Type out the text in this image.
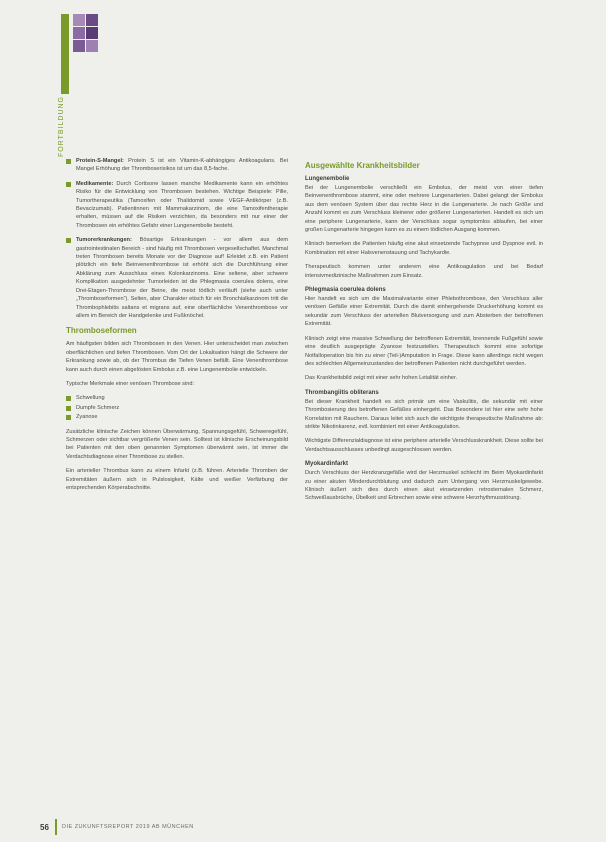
FORTBILDUNG
Protein-S-Mangel: Protein S ist ein Vitamin-K-abhängiges Antikoagulans. Bei Mangel Erhöhung der Thromboserisikos ist um das 8,5-fache.
Medikamente: Durch Cortisone lassen manche Medikamente kann ein erhöhtes Risiko für die Entwicklung von Thrombosen bestehen. Wichtige Beispiele: Pille, Tumortherapeutika (Tamoxifen oder Thalidomid sowie VEGF-Antikörper (z.B. Bevacizumab). Patientinnen mit Mammakarzinom, die eine Tamoxifentherapie erhalten, müssen auf die Risiken verzichten, da besonders mit nur einer der Thrombosen ein erhöhtes Gefahr einer Lungenembolie besteht.
Tumorerkrankungen: Bösartige Erkrankungen - vor allem aus dem gastrointestinalen Bereich - sind häufig mit Thrombosen vergesellschaftet. Manchmal treten Thrombosen bereits Monate vor der Diagnose auf! Erleidet z.B. ein Patient plötzlich ein tiefe Beinvenenthrombose ist erhöht sich die Durchführung einer Abklärung zum Ausschluss eines Kolonkarzinoms. Eine seltene, aber schwere Komplikation ausgedehnter Tumorleiden ist die Phlegmasia coerulea dolens, eine Drei-Etagen-Thrombose der Beine, die meist tödlich verläuft (siehe auch unter „Thromboseformen“). Selten, aber Charakter etisch für ein Bronchialkarzinom tritt die Thrombophlebitis saltans et migrans auf, eine oberflächliche Venenthrombose vor allem im Bereich der Handgelenke und Fußknöchel.
Thromboseformen

Am häufigsten bilden sich Thrombosen in den Venen. Hier unterscheidet man zwischen oberflächlichen und tiefen Thrombosen. Vom Ort der Lokalisation hängt die Schwere der Erkrankung sowie ab, ob der Thrombus die Tiefen Venen befällt. Eine Venenthrombose kann auch durch einen abgelösten Embolus z.B. eine Lungenembolie entwickeln.

Typische Merkmale einer venösen Thrombose sind:

Schwellung
Dumpfe Schmerz
Zyanose

Zusätzliche klinische Zeichen können Überwärmung, Spannungsgefühl, Schweregefühl, Schmerzen oder sichtbar vergrößerte Venen sein. Solltest ist klinische Erscheinungsbild bei Patienten mit den oben genannten Symptomen überwärmt sein, ist immer die Verdachtsdiagnose einer Thrombose zu stellen.

Ein arterieller Thrombus kann zu einem Infarkt (z.B. führen. Arterielle Thromben der Extremitäten äußern sich in Pulslosigkeit, Kälte und weißer Verfärbung der entsprechenden Körperabschnitte.

Ausgewählte Krankheitsbilder
Lungenembolie

Bei der Lungenembolie verschließt ein Embolus, der meist von einer tiefen Beinvenenthrombose stammt, eine oder mehrere Lungenarterien. Dabei gelangt der Embolus aus dem venösen System über das rechte Herz in die Lungenarterie. Je nach Größe und Anzahl kommt es zum Verschluss kleinerer oder größerer Lungenarterien. Handelt es sich um eine periphere Lungenarterie, kann der Verschluss sogar symptomlos ablaufen, bei einer großen Lungenarterie hingegen kann es zu einem tödlichen Ausgang kommen.

Klinisch bemerken die Patienten häufig eine akut einsetzende Tachypnoe und Dyspnoe evtl. in Kombination mit einer Halsvenenstauung und Tachykardie.

Therapeutisch kommen unter anderem eine Antikoagulation und bei Bedarf intensivmedizinische Maßnahmen zum Einsatz.

Phlegmasia coerulea dolens

Hier handelt es sich um die Maximalvariante einer Phlebothrombose, den Verschluss aller venösen Gefäße einer Extremität. Durch die damit einhergehende Druckerhöhung kommt es sekundär zum Verschluss der arteriellen Blutversorgung und zum Absterben der betroffenen Extremität.

Klinisch zeigt eine massive Schwellung der betroffenen Extremität, brennende Fußgefühl sowie eine deutlich ausgeprägte Zyanose festzustellen. Therapeutisch kommt eine sofortige Notfalloperation bis hin zu einer (Teil-)Amputation in Frage. Diese kann allerdings nicht wegen des schlechten Allgemeinzustandes der betroffenen Patienten nicht durchgeführt werden.

Das Krankheitsbild zeigt mit einer sehr hohen Letalität einher.

Thrombangiitis obliterans

Bei dieser Krankheit handelt es sich primär um eine Vaskulitis, die sekundär mit einer Thrombosierung des betroffenen Gefäßes einhergeht. Das Besondere ist hier eine sehr hohe Korrelation mit Rauchern. Daraus leitet sich auch die wichtigste therapeutische Maßnahme ab: strikte Nikotinkarenz, evtl. kombiniert mit einer Antikoagulation.

Wichtigste Differenzialdiagnose ist eine periphere arterielle Verschlusskrankheit. Diese sollte bei Verdachtsausschlusses unbedingt ausgeschlossen werden.

Myokardinfarkt

Durch Verschluss der Herzkranzgefäße wird der Herzmuskel schlecht im Beim Myokardinfarkt zu einer akuten Minderdurchblutung und dadurch zum Untergang von Herzmuskelgewebe. Klinisch äußert sich dies durch einen akut einsetzenden retrosternalen Schmerz, Schweißausbrüche, Übelkeit und Erbrechen sowie eine schwere Herzrhythmusstörung.

56 DIE ZUKUNFTSREPORT 2019 AB MÜNCHEN
